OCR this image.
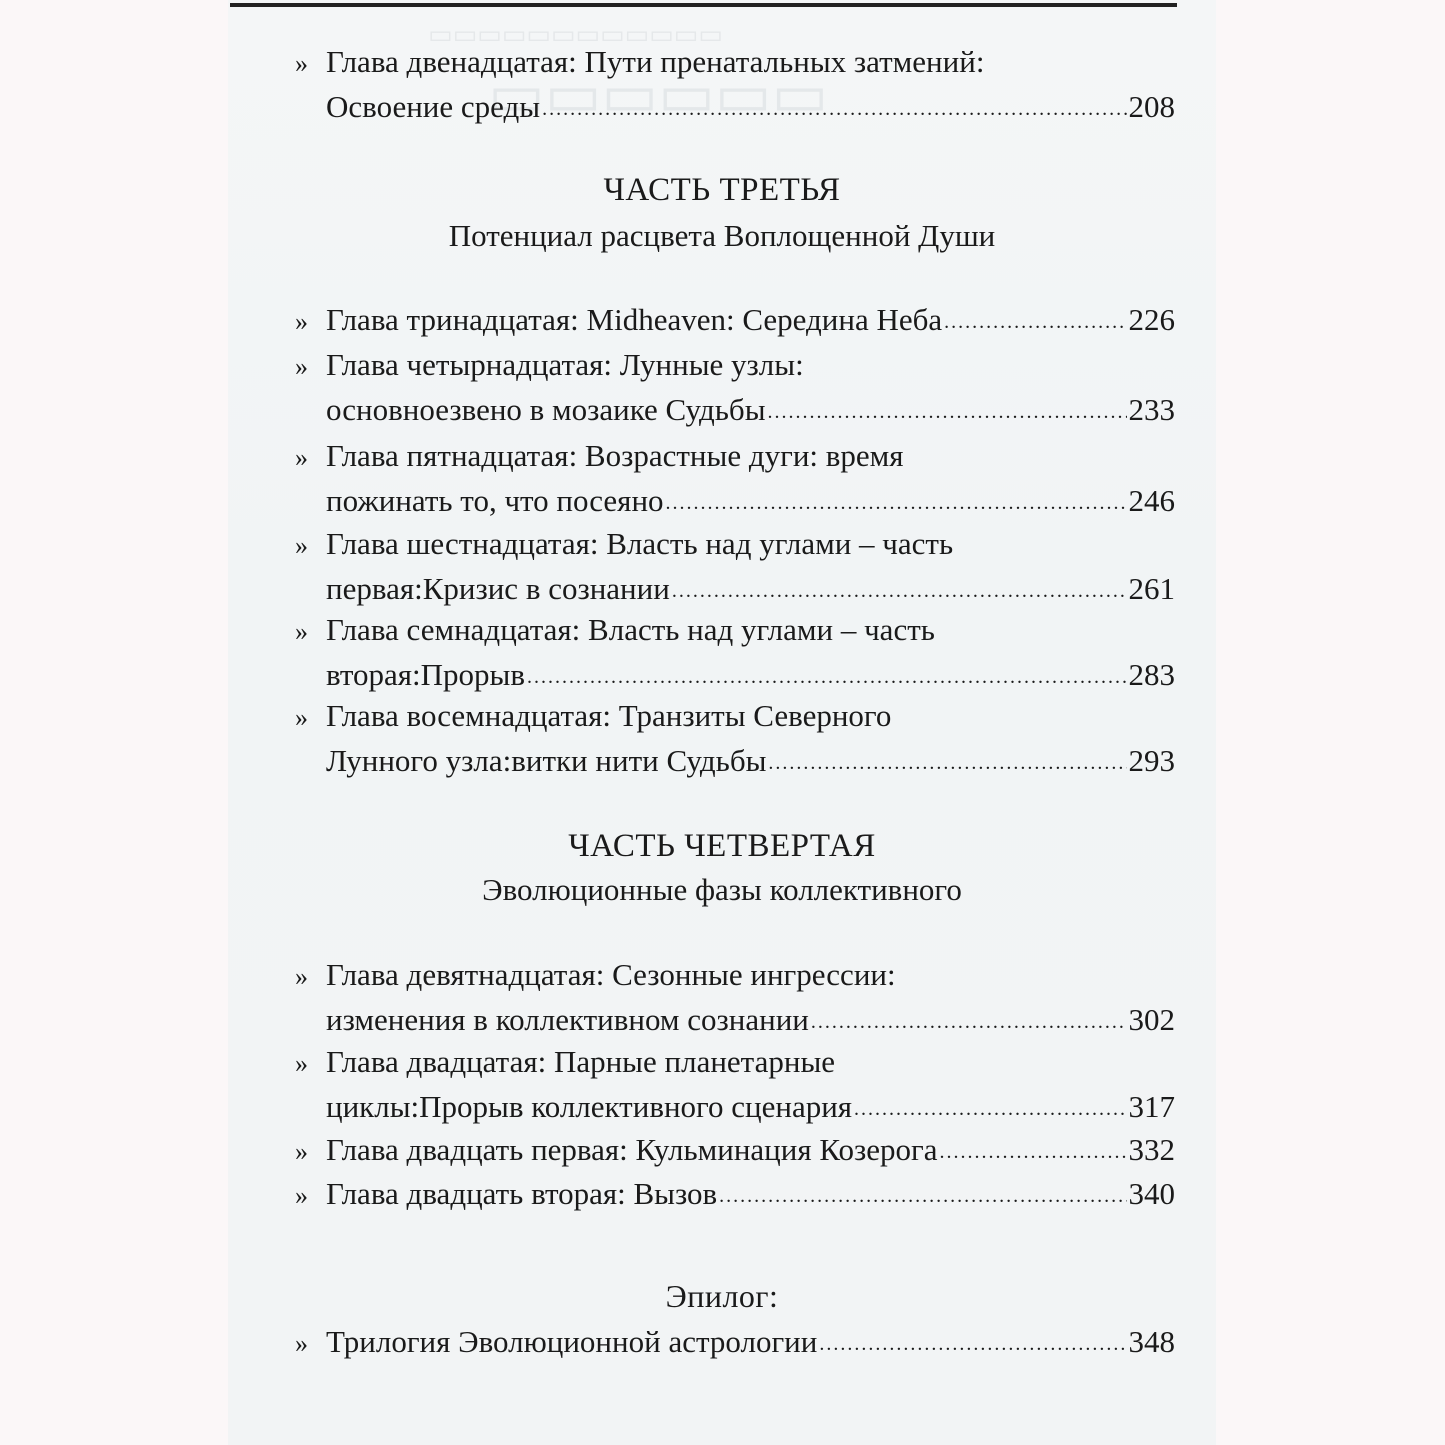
▭▭▭▭▭▭▭▭▭▭▭▭
▭▭▭▭▭▭
» Глава двенадцатая: Пути пренатальных затмений:
Освоение среды .....	208
ЧАСТЬ ТРЕТЬЯ
Потенциал расцвета Воплощенной Души
» Глава тринадцатая: Midheaven: Середина Неба .....	226
» Глава четырнадцатая: Лунные узлы:
основноезвено в мозаике Судьбы .....	233
» Глава пятнадцатая: Возрастные дуги: время
пожинать то, что посеяно .....	246
» Глава шестнадцатая: Власть над углами – часть
первая:Кризис в сознании .....	261
» Глава семнадцатая: Власть над углами – часть
вторая:Прорыв .....	283
» Глава восемнадцатая: Транзиты Северного
Лунного узла:витки нити Судьбы .....	293
ЧАСТЬ ЧЕТВЕРТАЯ
Эволюционные фазы коллективного
» Глава девятнадцатая: Сезонные ингрессии:
изменения в коллективном сознании .....	302
» Глава двадцатая: Парные планетарные
циклы:Прорыв коллективного сценария .....	317
» Глава двадцать первая: Кульминация Козерога .....	332
» Глава двадцать вторая: Вызов .....	340
Эпилог:
» Трилогия Эволюционной астрологии .....	348
